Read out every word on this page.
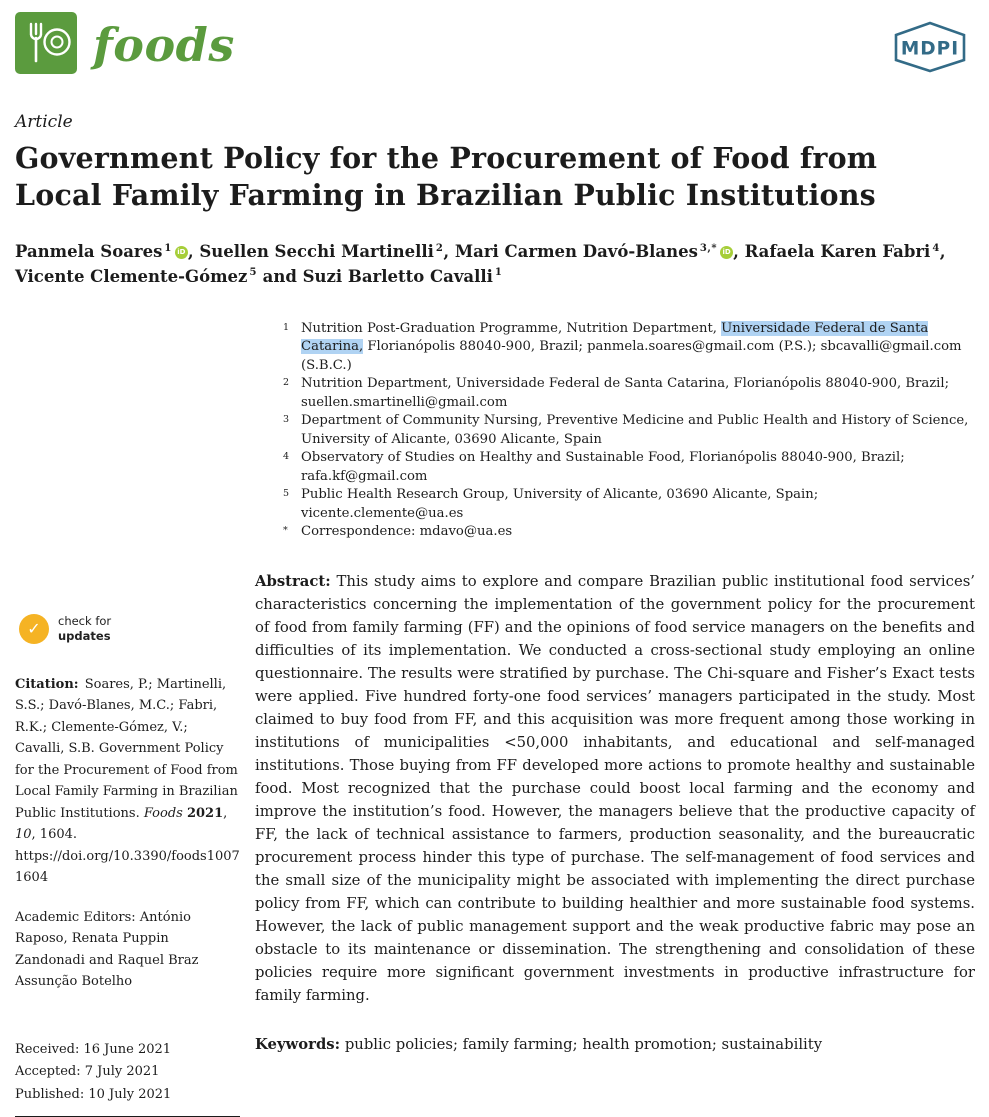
foods	MDPI
Article
Government Policy for the Procurement of Food from Local Family Farming in Brazilian Public Institutions

Panmela Soares $^1$ iD , Suellen Secchi Martinelli $^2$, Mari Carmen Davó-Blanes $^{3,*}$ iD , Rafaela Karen Fabri $^4$,
Vicente Clemente-Gómez $^5$ and Suzi Barletto Cavalli $^1$

1 Nutrition Post-Graduation Programme, Nutrition Department, Universidade Federal de Santa Catarina, Florianópolis 88040-900, Brazil; panmela.soares@gmail.com (P.S.); sbcavalli@gmail.com (S.B.C.)
2 Nutrition Department, Universidade Federal de Santa Catarina, Florianópolis 88040-900, Brazil; suellen.smartinelli@gmail.com
3 Department of Community Nursing, Preventive Medicine and Public Health and History of Science, University of Alicante, 03690 Alicante, Spain
4 Observatory of Studies on Healthy and Sustainable Food, Florianópolis 88040-900, Brazil; rafa.kf@gmail.com
5 Public Health Research Group, University of Alicante, 03690 Alicante, Spain; vicente.clemente@ua.es
*	Correspondence: mdavo@ua.es
✓	check for
updates

Citation: Soares, P.; Martinelli, S.S.; Davó-Blanes, M.C.; Fabri, R.K.; Clemente-Gómez, V.; Cavalli, S.B. Government Policy for the Procurement of Food from Local Family Farming in Brazilian Public Institutions. Foods 2021, 10, 1604. https://doi.org/10.3390/foods10071604

Academic Editors: António Raposo, Renata Puppin Zandonadi and Raquel Braz Assunção Botelho

Received: 16 June 2021

Accepted: 7 July 2021

Published: 10 July 2021

Abstract: This study aims to explore and compare Brazilian public institutional food services’ characteristics concerning the implementation of the government policy for the procurement of food from family farming (FF) and the opinions of food service managers on the benefits and difficulties of its implementation. We conducted a cross-sectional study employing an online questionnaire. The results were stratified by purchase. The Chi-square and Fisher’s Exact tests were applied. Five hundred forty-one food services’ managers participated in the study. Most claimed to buy food from FF, and this acquisition was more frequent among those working in institutions of municipalities <50,000 inhabitants, and educational and self-managed institutions. Those buying from FF developed more actions to promote healthy and sustainable food. Most recognized that the purchase could boost local farming and the economy and improve the institution’s food. However, the managers believe that the productive capacity of FF, the lack of technical assistance to farmers, production seasonality, and the bureaucratic procurement process hinder this type of purchase. The self-management of food services and the small size of the municipality might be associated with implementing the direct purchase policy from FF, which can contribute to building healthier and more sustainable food systems. However, the lack of public management support and the weak productive fabric may pose an obstacle to its maintenance or dissemination. The strengthening and consolidation of these policies require more significant government investments in productive infrastructure for family farming.

Keywords: public policies; family farming; health promotion; sustainability
